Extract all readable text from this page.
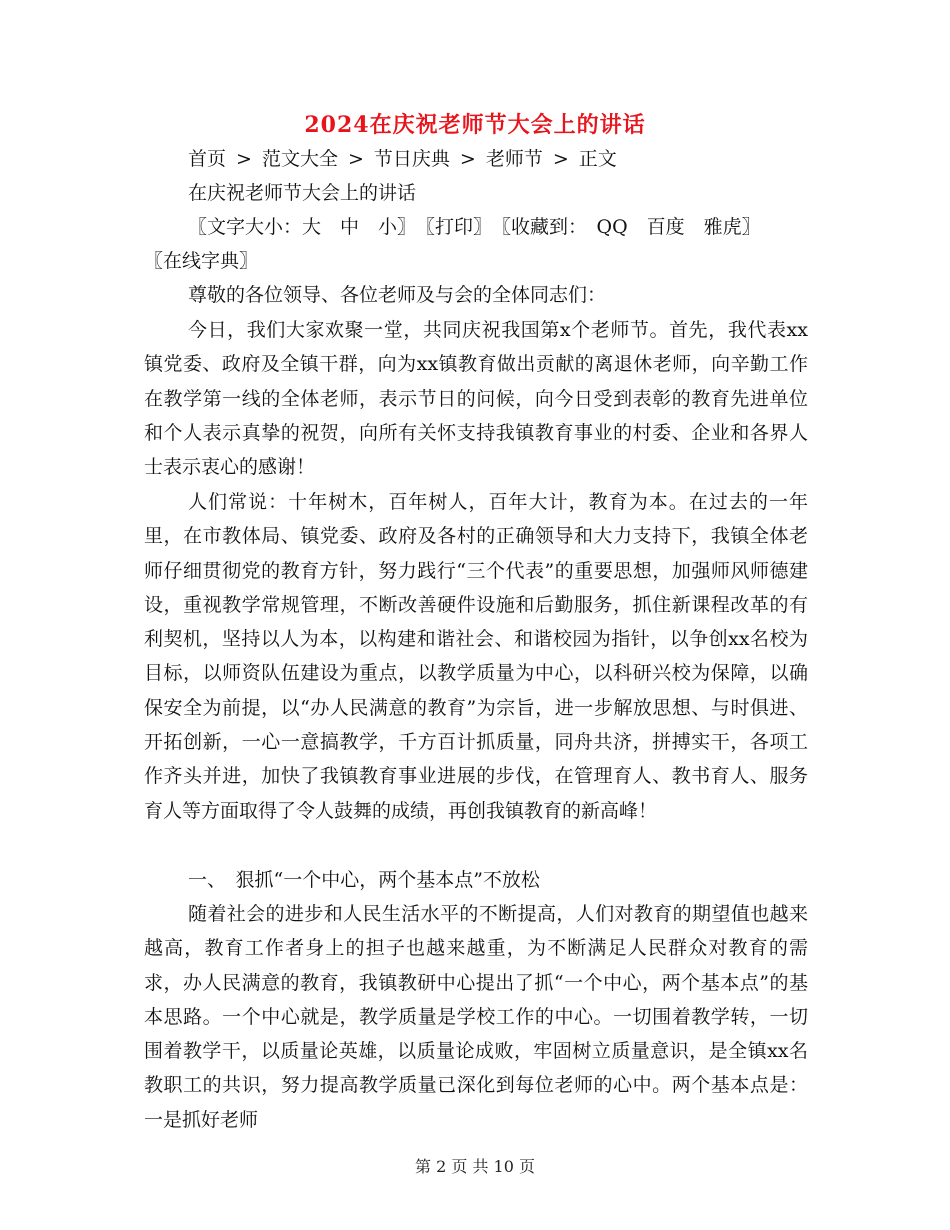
2024在庆祝老师节大会上的讲话
首页 > 范文大全 > 节日庆典 > 老师节 > 正文
在庆祝老师节大会上的讲话
〖文字大小：大　中　小〗　〖打印〗　〖收藏到：　QQ　百度　雅虎〗
〖在线字典〗
尊敬的各位领导、各位老师及与会的全体同志们：
今日，我们大家欢聚一堂，共同庆祝我国第x个老师节。首先，我代表xx镇党委、政府及全镇干群，向为xx镇教育做出贡献的离退休老师，向辛勤工作在教学第一线的全体老师，表示节日的问候，向今日受到表彰的教育先进单位和个人表示真挚的祝贺，向所有关怀支持我镇教育事业的村委、企业和各界人士表示衷心的感谢！
人们常说：十年树木，百年树人，百年大计，教育为本。在过去的一年里，在市教体局、镇党委、政府及各村的正确领导和大力支持下，我镇全体老师仔细贯彻党的教育方针，努力践行“三个代表”的重要思想，加强师风师德建设，重视教学常规管理，不断改善硬件设施和后勤服务，抓住新课程改革的有利契机，坚持以人为本，以构建和谐社会、和谐校园为指针，以争创xx名校为目标，以师资队伍建设为重点，以教学质量为中心，以科研兴校为保障，以确保安全为前提，以“办人民满意的教育”为宗旨，进一步解放思想、与时俱进、开拓创新，一心一意搞教学，千方百计抓质量，同舟共济，拼搏实干，各项工作齐头并进，加快了我镇教育事业进展的步伐，在管理育人、教书育人、服务育人等方面取得了令人鼓舞的成绩，再创我镇教育的新高峰！
一、　狠抓“一个中心，两个基本点”不放松
随着社会的进步和人民生活水平的不断提高，人们对教育的期望值也越来越高，教育工作者身上的担子也越来越重，为不断满足人民群众对教育的需求，办人民满意的教育，我镇教研中心提出了抓“一个中心，两个基本点”的基本思路。一个中心就是，教学质量是学校工作的中心。一切围着教学转，一切围着教学干，以质量论英雄，以质量论成败，牢固树立质量意识，是全镇xx名教职工的共识，努力提高教学质量已深化到每位老师的心中。两个基本点是：一是抓好老师
第 2 页 共 10 页
